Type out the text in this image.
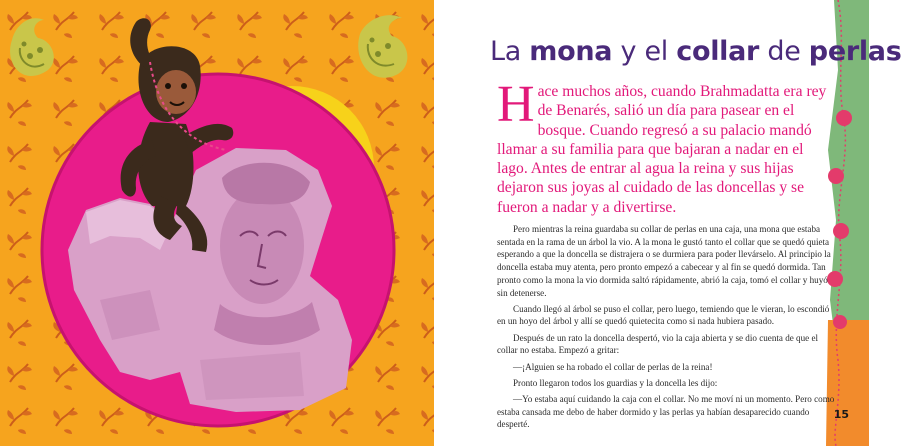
La mona y el collar de perlas

Hace muchos años, cuando Brahmadatta era rey de Benarés, salió un día para pasear en el bosque. Cuando regresó a su palacio mandó llamar a su familia para que bajaran a nadar en el lago. Antes de entrar al agua la reina y sus hijas dejaron sus joyas al cuidado de las doncellas y se fueron a nadar y a divertirse.

Pero mientras la reina guardaba su collar de perlas en una caja, una mona que estaba sentada en la rama de un árbol la vio. A la mona le gustó tanto el collar que se quedó quieta esperando a que la doncella se distrajera o se durmiera para poder llevárselo. Al principio la doncella estaba muy atenta, pero pronto empezó a cabecear y al fin se quedó dormida. Tan pronto como la mona la vio dormida saltó rápidamente, abrió la caja, tomó el collar y huyó sin detenerse.

Cuando llegó al árbol se puso el collar, pero luego, temiendo que le vieran, lo escondió en un hoyo del árbol y allí se quedó quietecita como si nada hubiera pasado.

Después de un rato la doncella despertó, vio la caja abierta y se dio cuenta de que el collar no estaba. Empezó a gritar:

—¡Alguien se ha robado el collar de perlas de la reina!

Pronto llegaron todos los guardias y la doncella les dijo:

—Yo estaba aquí cuidando la caja con el collar. No me moví ni un momento. Pero como estaba cansada me debo de haber dormido y las perlas ya habían desaparecido cuando desperté.

15
